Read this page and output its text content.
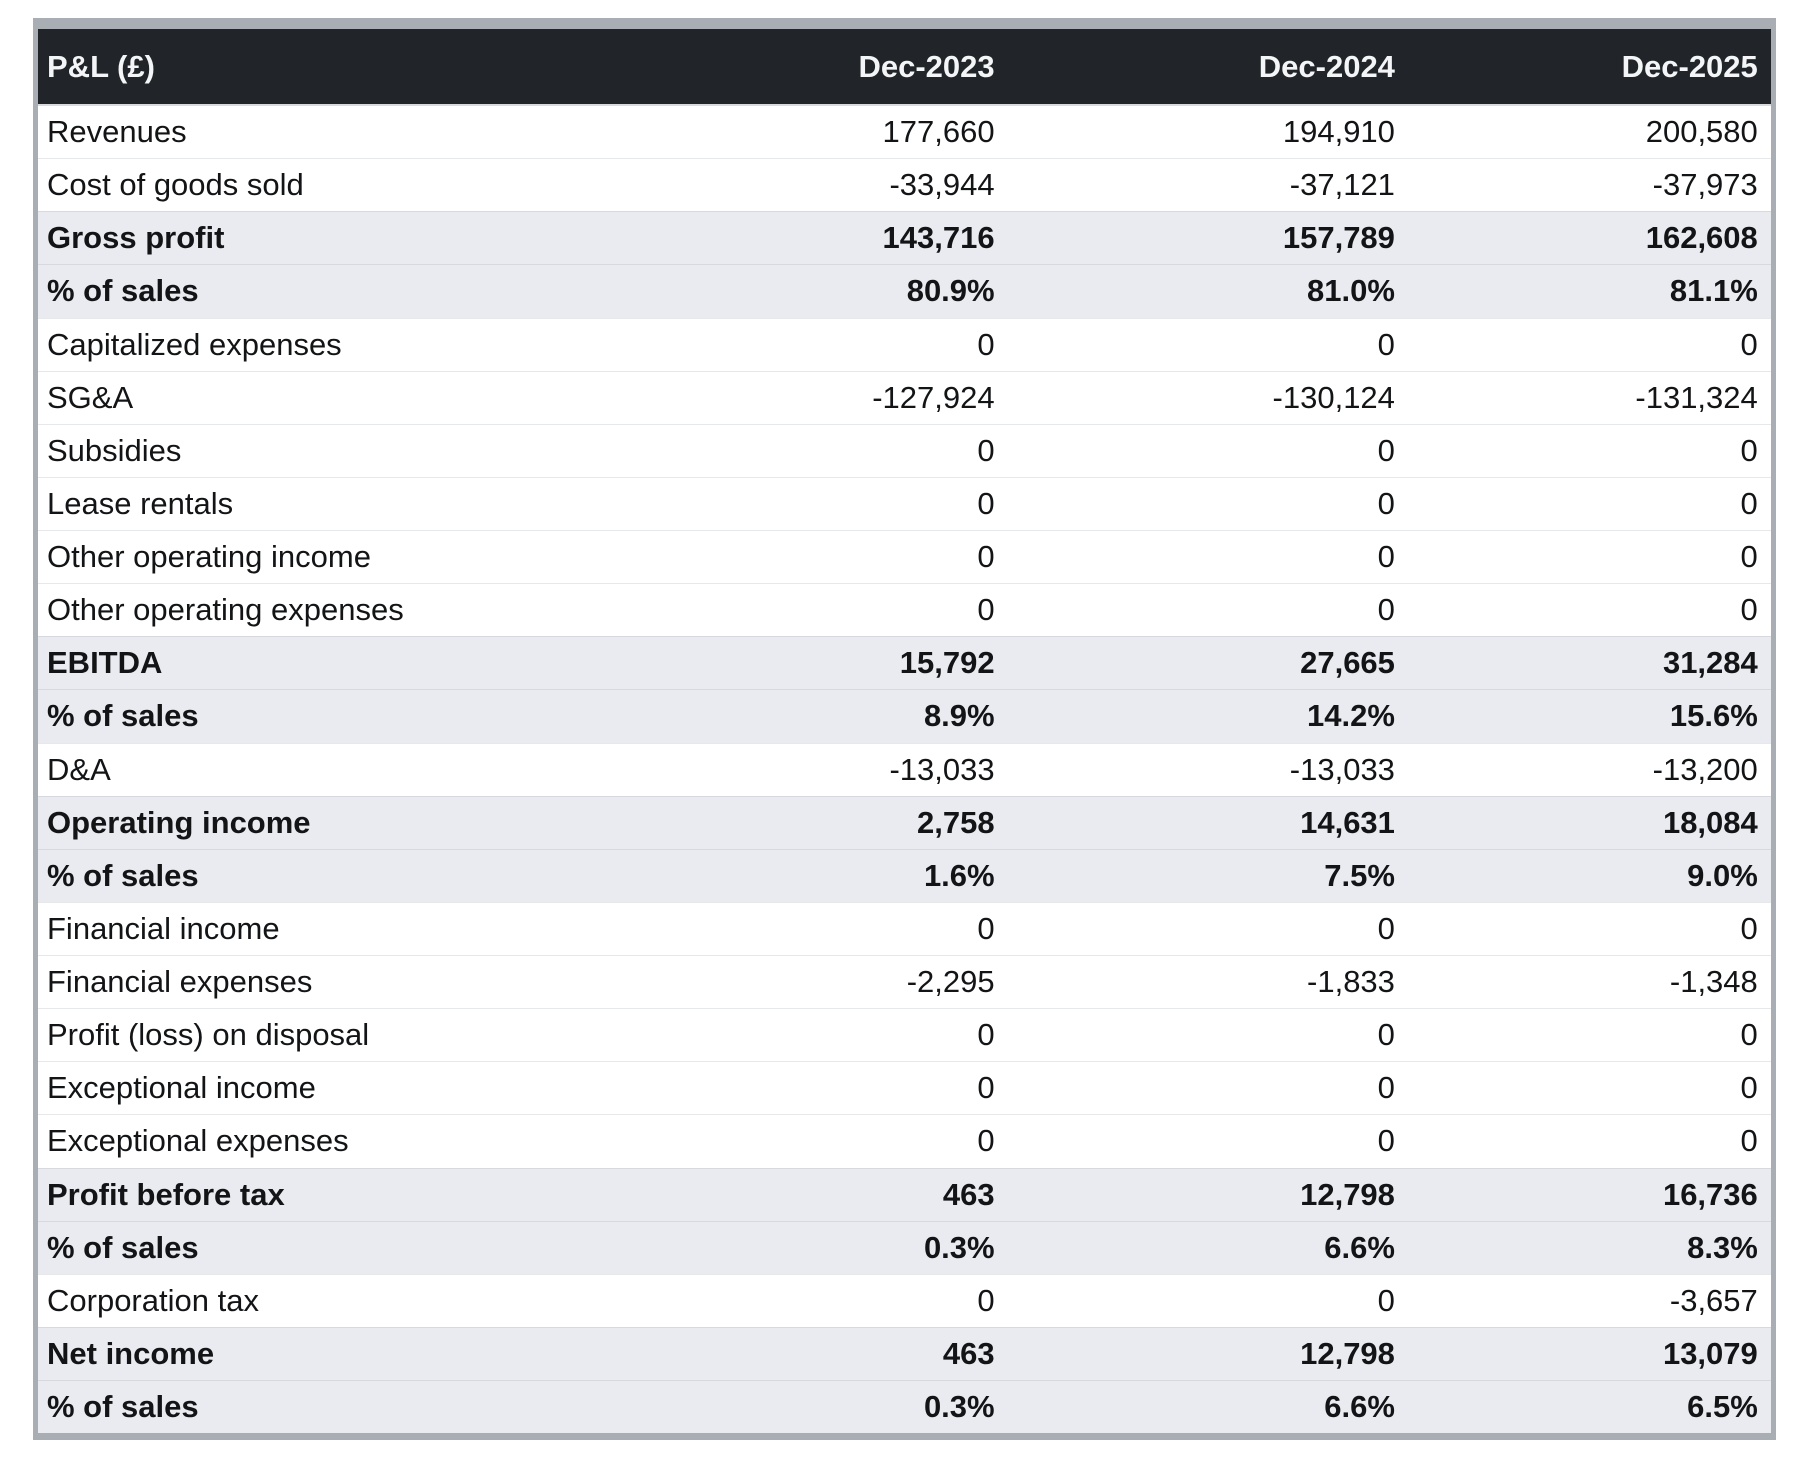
P&L (£)	Dec-2023	Dec-2024	Dec-2025
Revenues	177,660	194,910	200,580
Cost of goods sold	-33,944	-37,121	-37,973
Gross profit	143,716	157,789	162,608
% of sales	80.9%	81.0%	81.1%
Capitalized expenses	0	0	0
SG&A	-127,924	-130,124	-131,324
Subsidies	0	0	0
Lease rentals	0	0	0
Other operating income	0	0	0
Other operating expenses	0	0	0
EBITDA	15,792	27,665	31,284
% of sales	8.9%	14.2%	15.6%
D&A	-13,033	-13,033	-13,200
Operating income	2,758	14,631	18,084
% of sales	1.6%	7.5%	9.0%
Financial income	0	0	0
Financial expenses	-2,295	-1,833	-1,348
Profit (loss) on disposal	0	0	0
Exceptional income	0	0	0
Exceptional expenses	0	0	0
Profit before tax	463	12,798	16,736
% of sales	0.3%	6.6%	8.3%
Corporation tax	0	0	-3,657
Net income	463	12,798	13,079
% of sales	0.3%	6.6%	6.5%
